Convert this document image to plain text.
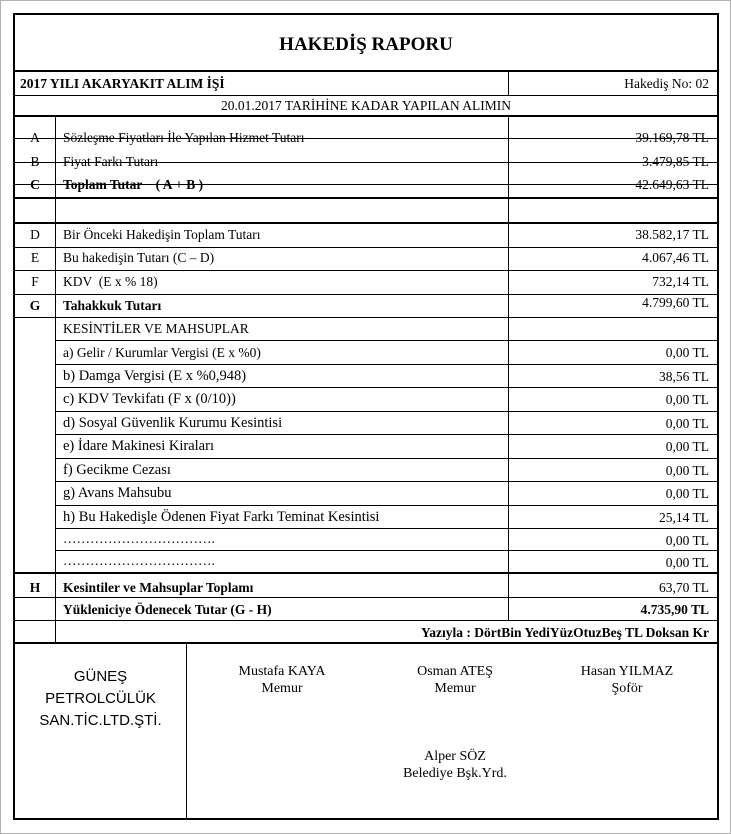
HAKEDİŞ RAPORU
2017 YILI AKARYAKIT ALIM İŞİ	Hakediş No: 02
20.01.2017 TARİHİNE KADAR YAPILAN ALIMIN
A	Sözleşme Fiyatları İle Yapılan Hizmet Tutarı	39.169,78 TL
B	Fiyat Farkı Tutarı	3.479,85 TL
C	Toplam Tutar    ( A + B )	42.649,63 TL
D	Bir Önceki Hakedişin Toplam Tutarı	38.582,17 TL
E	Bu hakedişin Tutarı (C – D)	4.067,46 TL
F	KDV  (E x % 18)	732,14 TL
G	Tahakkuk Tutarı	4.799,60 TL
KESİNTİLER VE MAHSUPLAR
a) Gelir / Kurumlar Vergisi (E x %0)	0,00 TL
b) Damga Vergisi (E x %0,948)	38,56 TL
c) KDV Tevkifatı (F x (0/10))	0,00 TL
d) Sosyal Güvenlik Kurumu Kesintisi	0,00 TL
e) İdare Makinesi Kiraları	0,00 TL
f) Gecikme Cezası	0,00 TL
g) Avans Mahsubu	0,00 TL
h) Bu Hakedişle Ödenen Fiyat Farkı Teminat Kesintisi	25,14 TL
…………………………….	0,00 TL
…………………………….	0,00 TL
H	Kesintiler ve Mahsuplar Toplamı	63,70 TL
Yükleniciye Ödenecek Tutar (G - H)	4.735,90 TL
Yazıyla : DörtBin YediYüzOtuzBeş TL Doksan Kr
GÜNEŞ
PETROLCÜLÜK
SAN.TİC.LTD.ŞTİ.
Mustafa KAYA
Memur
Osman ATEŞ
Memur
Hasan YILMAZ
Şoför
Alper SÖZ
Belediye Bşk.Yrd.
